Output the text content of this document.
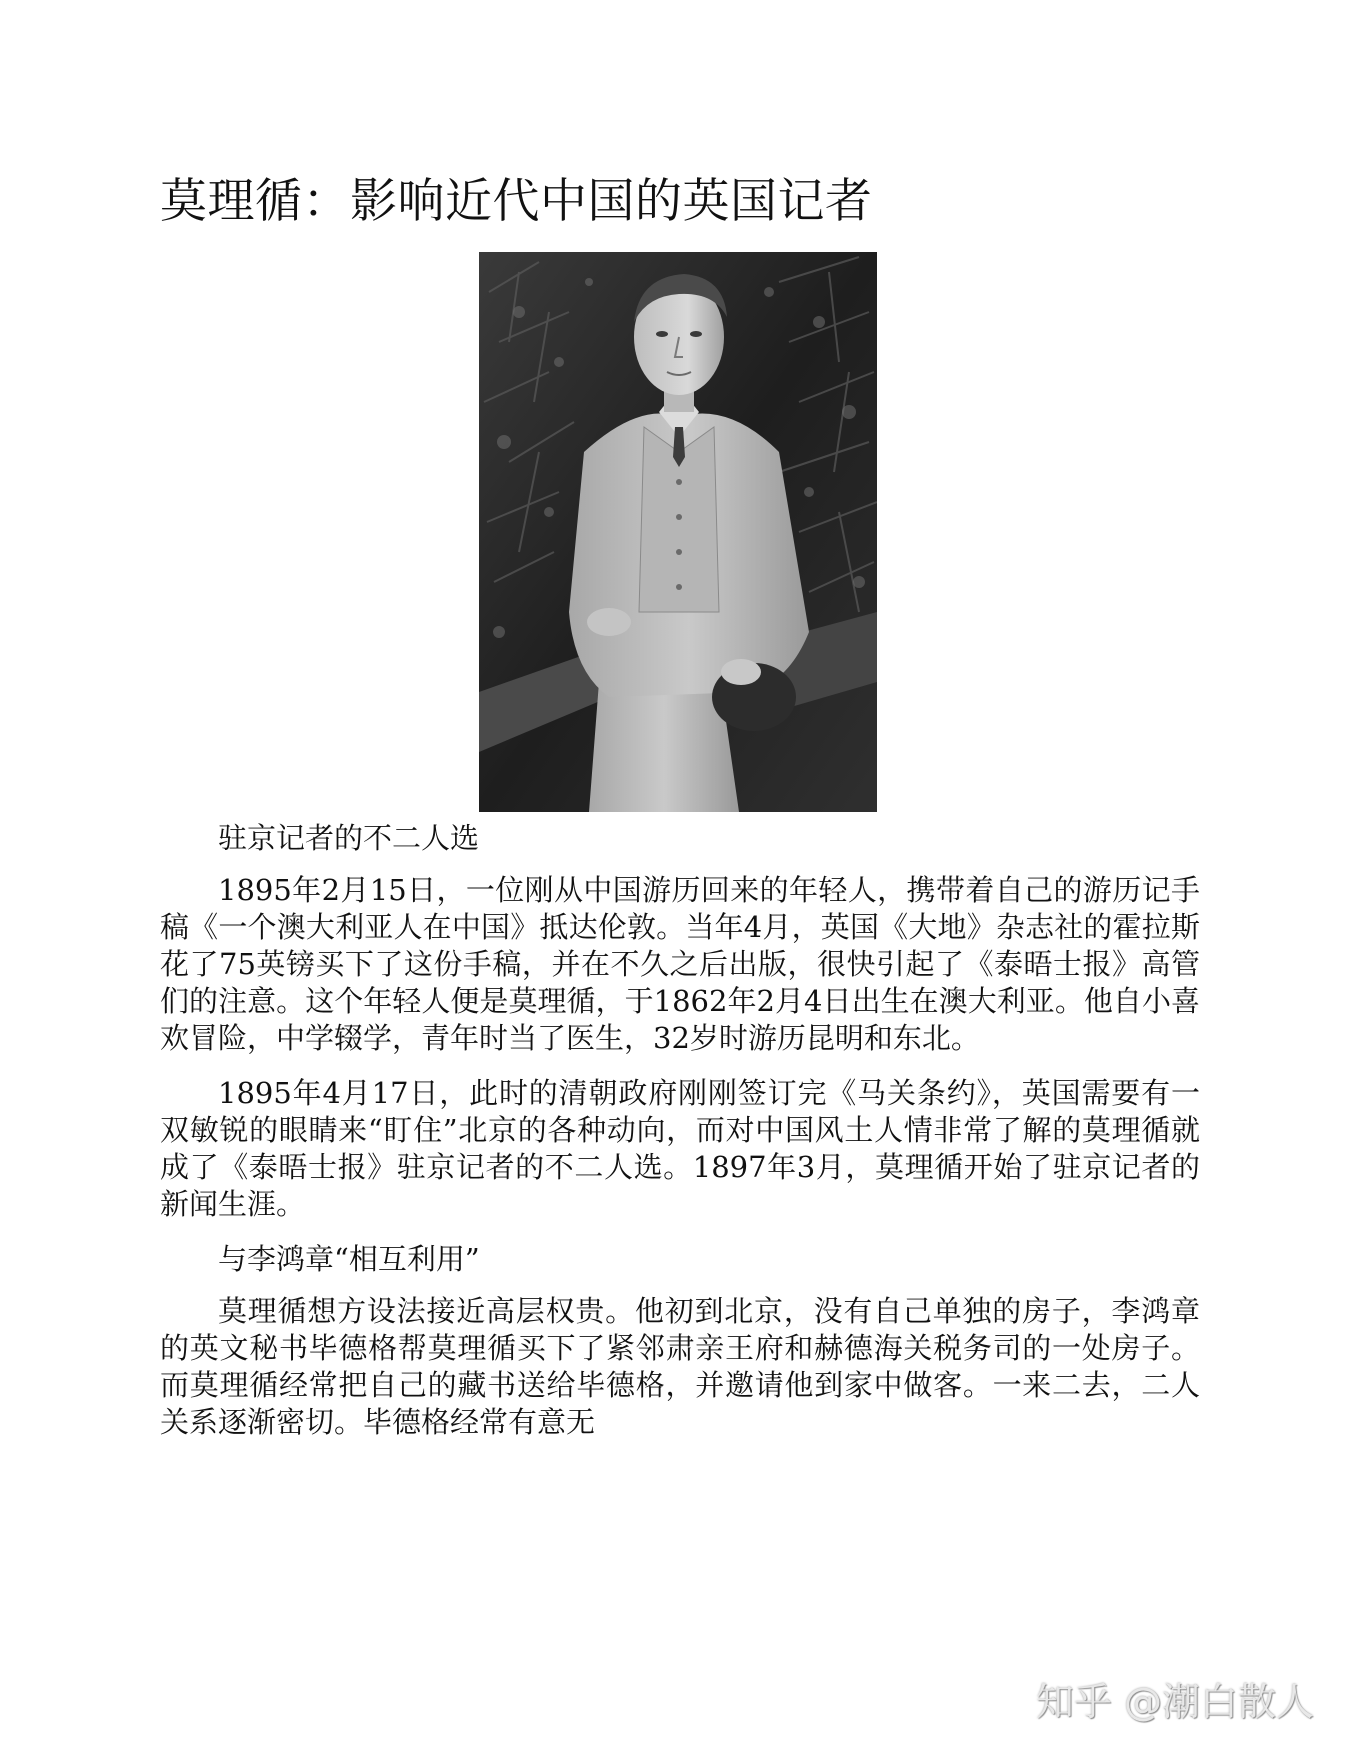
莫理循：影响近代中国的英国记者

驻京记者的不二人选

1895年2月15日，一位刚从中国游历回来的年轻人，携带着自己的游历记手稿《一个澳大利亚人在中国》抵达伦敦。当年4月，英国《大地》杂志社的霍拉斯花了75英镑买下了这份手稿，并在不久之后出版，很快引起了《泰晤士报》高管们的注意。这个年轻人便是莫理循，于1862年2月4日出生在澳大利亚。他自小喜欢冒险，中学辍学，青年时当了医生，32岁时游历昆明和东北。

1895年4月17日，此时的清朝政府刚刚签订完《马关条约》，英国需要有一双敏锐的眼睛来“盯住”北京的各种动向，而对中国风土人情非常了解的莫理循就成了《泰晤士报》驻京记者的不二人选。1897年3月，莫理循开始了驻京记者的新闻生涯。

与李鸿章“相互利用”

莫理循想方设法接近高层权贵。他初到北京，没有自己单独的房子，李鸿章的英文秘书毕德格帮莫理循买下了紧邻肃亲王府和赫德海关税务司的一处房子。而莫理循经常把自己的藏书送给毕德格，并邀请他到家中做客。一来二去，二人关系逐渐密切。毕德格经常有意无

知乎 @潮白散人
